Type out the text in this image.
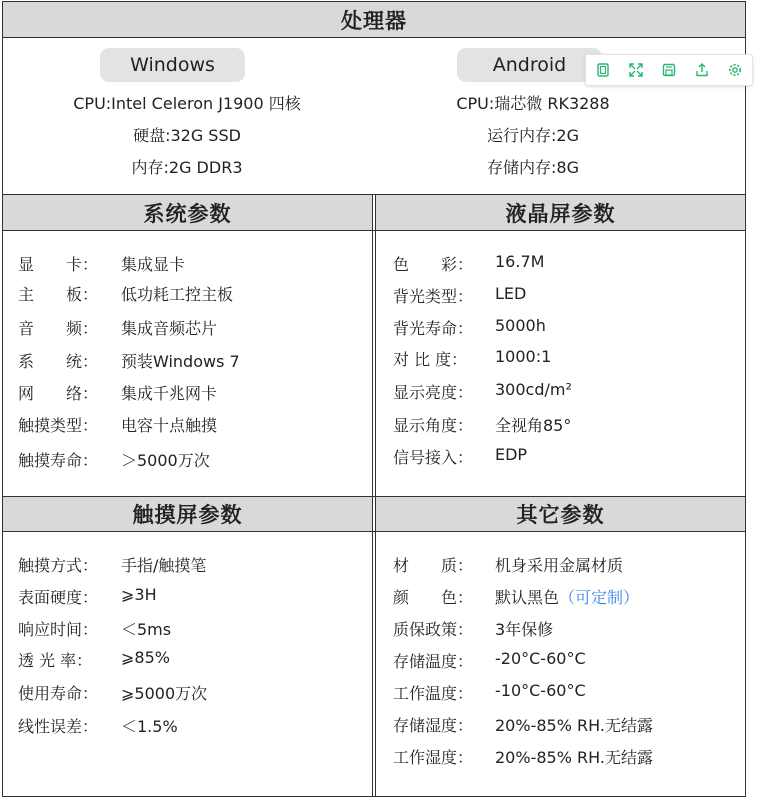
处理器
Windows
CPU:Intel Celeron J1900 四核
硬盘:32G SSD
内存:2G DDR3
Android
CPU:瑞芯微 RK3288
运行内存:2G
存储内存:8G
系统参数	液晶屏参数
显　　卡： 集成显卡
主　　板： 低功耗工控主板
音　　频： 集成音频芯片
系　　统： 预装Windows 7
网　　络： 集成千兆网卡
触摸类型： 电容十点触摸
触摸寿命： ＞5000万次
色　　彩： 16.7M
背光类型： LED
背光寿命： 5000h
对 比 度： 1000:1
显示亮度： 300cd/m²
显示角度： 全视角85°
信号接入： EDP
触摸屏参数	其它参数
触摸方式： 手指/触摸笔
表面硬度： ⩾3H
响应时间： ＜5ms
透 光 率： ⩾85%
使用寿命： ⩾5000万次
线性误差： ＜1.5%
材　　质： 机身采用金属材质
颜　　色： 默认黑色（可定制）
质保政策： 3年保修
存储温度： -20°C-60°C
工作温度： -10°C-60°C
存储湿度： 20%-85% RH.无结露
工作湿度： 20%-85% RH.无结露
